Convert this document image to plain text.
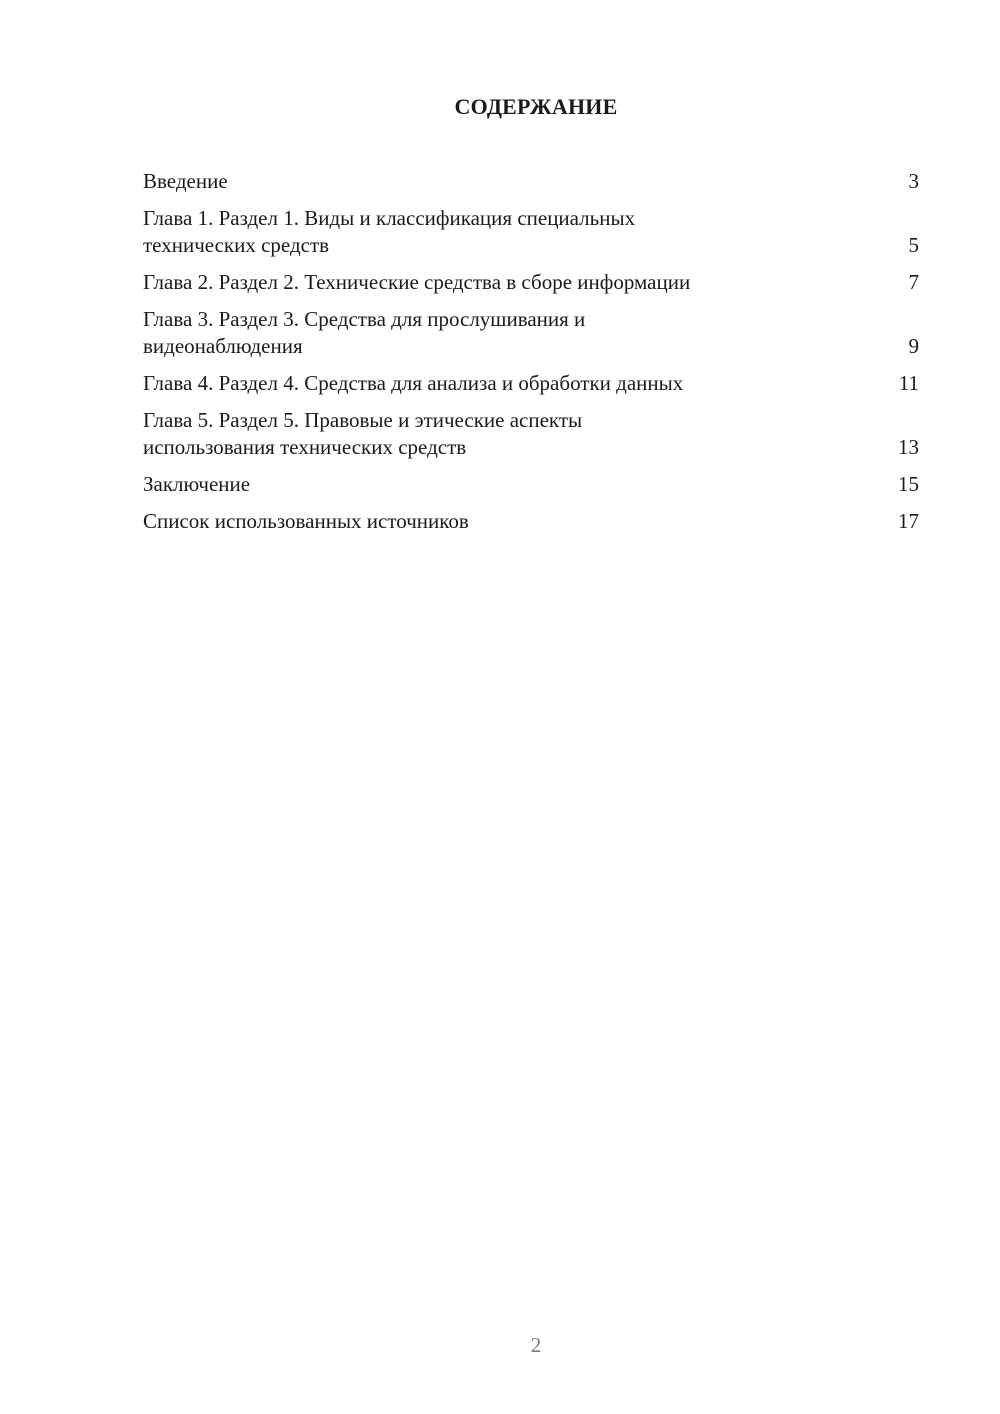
СОДЕРЖАНИЕ
Введение	3
Глава 1. Раздел 1. Виды и классификация специальных
технических средств	5
Глава 2. Раздел 2. Технические средства в сборе информации	7
Глава 3. Раздел 3. Средства для прослушивания и
видеонаблюдения	9
Глава 4. Раздел 4. Средства для анализа и обработки данных	11
Глава 5. Раздел 5. Правовые и этические аспекты
использования технических средств	13
Заключение	15
Список использованных источников	17
2
